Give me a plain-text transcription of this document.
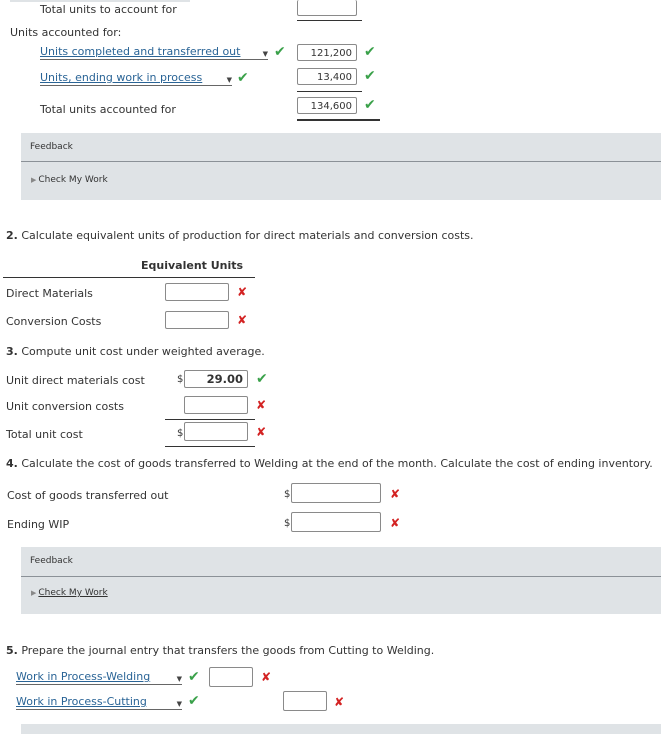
Total units to account for
Units accounted for:
Units completed and transferred out	▼ ✔	121,200 ✔
Units, ending work in process	▼ ✔	13,400 ✔
Total units accounted for	134,600 ✔
Feedback
▶ Check My Work
2. Calculate equivalent units of production for direct materials and conversion costs.
Equivalent Units
Direct Materials	✘
Conversion Costs	✘
3. Compute unit cost under weighted average.
Unit direct materials cost	$	29.00 ✔
Unit conversion costs	✘
Total unit cost	$	✘
4. Calculate the cost of goods transferred to Welding at the end of the month. Calculate the cost of ending inventory.
Cost of goods transferred out	$	✘
Ending WIP	$	✘
Feedback
▶ Check My Work
5. Prepare the journal entry that transfers the goods from Cutting to Welding.
Work in Process-Welding	▼ ✔	✘
Work in Process-Cutting	▼ ✔	✘
